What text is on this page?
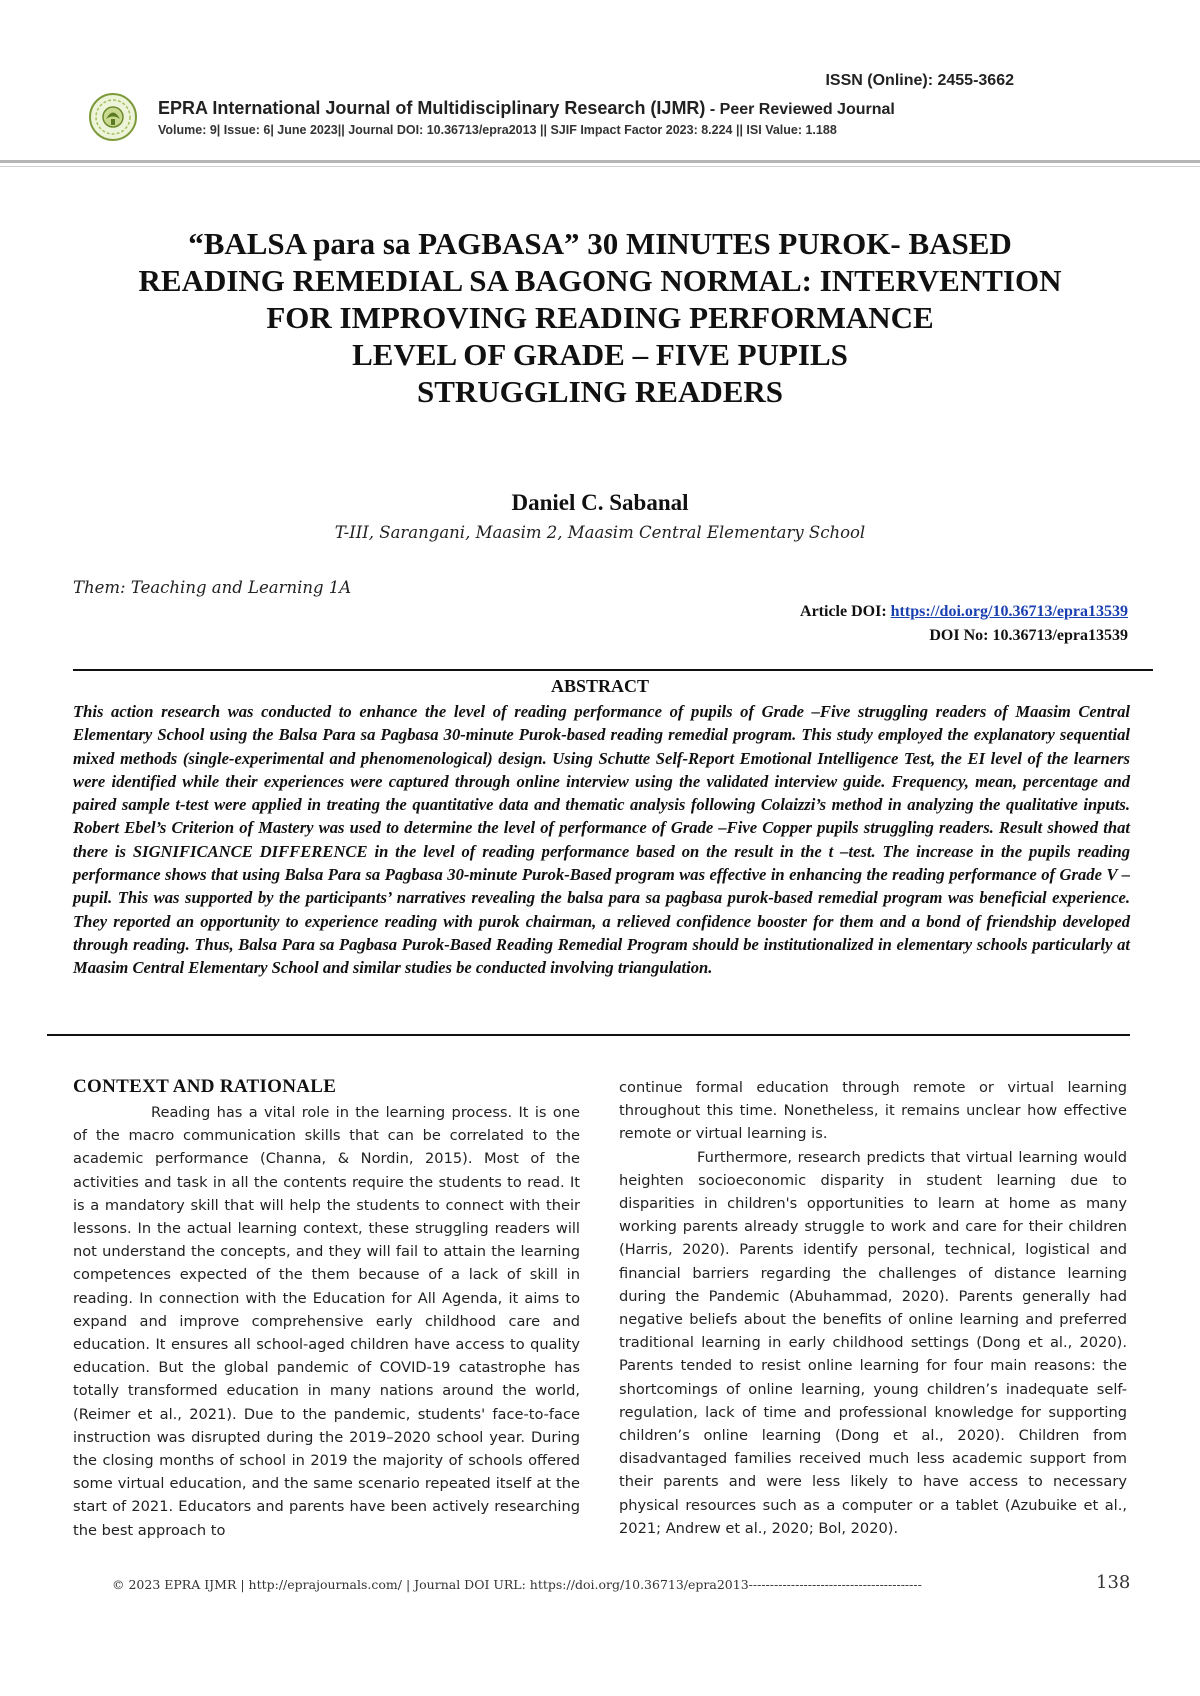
ISSN (Online): 2455-3662
EPRA International Journal of Multidisciplinary Research (IJMR) - Peer Reviewed Journal
Volume: 9| Issue: 6| June 2023|| Journal DOI: 10.36713/epra2013 || SJIF Impact Factor 2023: 8.224 || ISI Value: 1.188
“BALSA para sa PAGBASA” 30 MINUTES PUROK- BASED
READING REMEDIAL SA BAGONG NORMAL: INTERVENTION
FOR IMPROVING READING PERFORMANCE
LEVEL OF GRADE – FIVE PUPILS
STRUGGLING READERS
Daniel C. Sabanal
T-III, Sarangani, Maasim 2, Maasim Central Elementary School
Them: Teaching and Learning 1A
Article DOI: https://doi.org/10.36713/epra13539
DOI No: 10.36713/epra13539
ABSTRACT
This action research was conducted to enhance the level of reading performance of pupils of Grade –Five struggling readers of Maasim Central Elementary School using the Balsa Para sa Pagbasa 30-minute Purok-based reading remedial program. This study employed the explanatory sequential mixed methods (single-experimental and phenomenological) design. Using Schutte Self-Report Emotional Intelligence Test, the EI level of the learners were identified while their experiences were captured through online interview using the validated interview guide. Frequency, mean, percentage and paired sample t-test were applied in treating the quantitative data and thematic analysis following Colaizzi’s method in analyzing the qualitative inputs. Robert Ebel’s Criterion of Mastery was used to determine the level of performance of Grade –Five Copper pupils struggling readers. Result showed that there is SIGNIFICANCE DIFFERENCE in the level of reading performance based on the result in the t –test. The increase in the pupils reading performance shows that using Balsa Para sa Pagbasa 30-minute Purok-Based program was effective in enhancing the reading performance of Grade V –pupil. This was supported by the participants’ narratives revealing the balsa para sa pagbasa purok-based remedial program was beneficial experience. They reported an opportunity to experience reading with purok chairman, a relieved confidence booster for them and a bond of friendship developed through reading. Thus, Balsa Para sa Pagbasa Purok-Based Reading Remedial Program should be institutionalized in elementary schools particularly at Maasim Central Elementary School and similar studies be conducted involving triangulation.
CONTEXT AND RATIONALE

Reading has a vital role in the learning process. It is one of the macro communication skills that can be correlated to the academic performance (Channa, & Nordin, 2015). Most of the activities and task in all the contents require the students to read. It is a mandatory skill that will help the students to connect with their lessons. In the actual learning context, these struggling readers will not understand the concepts, and they will fail to attain the learning competences expected of the them because of a lack of skill in reading. In connection with the Education for All Agenda, it aims to expand and improve comprehensive early childhood care and education. It ensures all school-aged children have access to quality education. But the global pandemic of COVID-19 catastrophe has totally transformed education in many nations around the world, (Reimer et al., 2021). Due to the pandemic, students' face-to-face instruction was disrupted during the 2019–2020 school year. During the closing months of school in 2019 the majority of schools offered some virtual education, and the same scenario repeated itself at the start of 2021. Educators and parents have been actively researching the best approach to

continue formal education through remote or virtual learning throughout this time. Nonetheless, it remains unclear how effective remote or virtual learning is.

Furthermore, research predicts that virtual learning would heighten socioeconomic disparity in student learning due to disparities in children's opportunities to learn at home as many working parents already struggle to work and care for their children (Harris, 2020). Parents identify personal, technical, logistical and financial barriers regarding the challenges of distance learning during the Pandemic (Abuhammad, 2020). Parents generally had negative beliefs about the benefits of online learning and preferred traditional learning in early childhood settings (Dong et al., 2020). Parents tended to resist online learning for four main reasons: the shortcomings of online learning, young children’s inadequate self-regulation, lack of time and professional knowledge for supporting children’s online learning (Dong et al., 2020). Children from disadvantaged families received much less academic support from their parents and were less likely to have access to necessary physical resources such as a computer or a tablet (Azubuike et al., 2021; Andrew et al., 2020; Bol, 2020).

© 2023 EPRA IJMR | http://eprajournals.com/ | Journal DOI URL: https://doi.org/10.36713/epra2013-----------------------------------------	138
